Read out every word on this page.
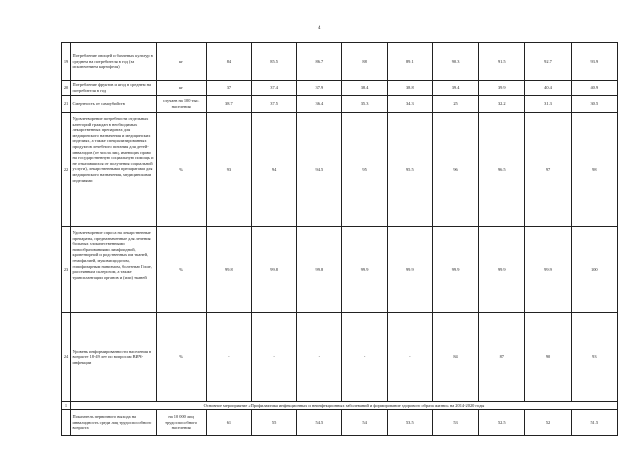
4
19	Потребление овощей и бахчевых культур в среднем на потребителя в год (за исключением картофеля)	кг	84	85.5	86.7	88	89.1	90.3	91.5	92.7	93.9
20	Потребление фруктов и ягод в среднем на потребителя в год	кг	37	37.4	37.9	38.4	38.8	39.4	39.9	40.4	40.9
21	Смертность от самоубийств	случаев на 100 тыс. населения	38.7	37.5	36.4	35.3	34.3	25	32.2	31.3	30.5
22	Удовлетворение потребности отдельных категорий граждан в необходимых лекарственных препаратах для медицинского назначения и медицинских изделиях, а также специализированных продуктов лечебного питания для детей-инвалидов (от числа лиц, имеющих право на государственную социальную помощь и не отказавшихся от получения социальной услуги), лекарственными препаратами для медицинского назначения, медицинскими изделиями	%	93	94	94.5	95	95.5	96	96.5	97	98
23	Удовлетворение спроса на лекарственные препараты, предназначенные для лечения больных злокачественными новообразованиями лимфоидной, кроветворной и родственных им тканей, гемофилией, муковисцидозом, гипофизарным нанизмом, болезнью Гоше, рассеянным склерозом, а также трансплантации органов и (или) тканей	%	99.8	99.8	99.8	99.9	99.9	99.9	99.9	99.9	100
24	Уровень информированности населения в возрасте 18-49 лет по вопросам ВИЧ-инфекции	%	-	-	-	-	-	84	87	90	93
1	Основное мероприятие «Профилактика инфекционных и неинфекционных заболеваний и формирование здорового образа жизни» на 2014-2020 годы										
	Показатель первичного выхода на инвалидность среди лиц трудоспособного возраста	на 10 000 лиц трудоспособного населения	61	55	54.5	54	53.5	53	52.5	52	51.5
